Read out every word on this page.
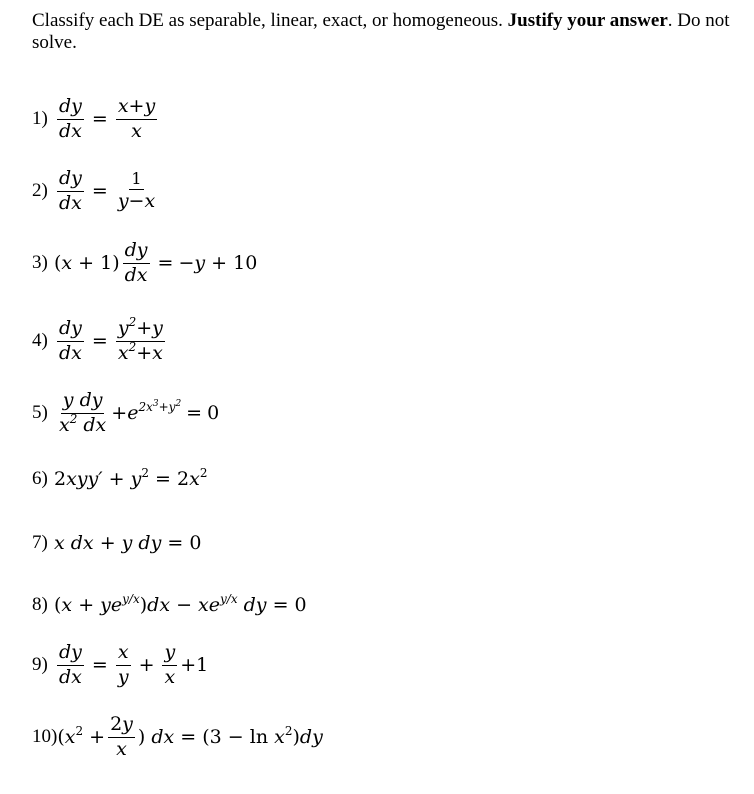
Classify each DE as separable, linear, exact, or homogeneous. Justify your answer. Do not solve.
$1) \frac{dy}{dx} = \frac{x+y}{x}$
$2) \frac{dy}{dx} = \frac{1}{y-x}$
3) $(x + 1) \frac{dy}{dx} = -y + 10$
$4) \frac{dy}{dx} = \frac{y^2+y}{x^2+x}$
$5) \frac{\text{y dy}}{x^2 dx} +e^{2x^3+y^2} = 0$
6) $2xyy' + y^2 = 2x^2$
7) x dx + y dy = 0
8) $(x + ye^{y/x})dx - xe^{y/x}$ dy = 0
$9) \frac{dy}{dx} = \frac{x}{y} + \frac{y}{x} +1$
10) ($x^2 + \frac{2y}{x}$ ) dx = $(3 - \ln x^2)dy$
